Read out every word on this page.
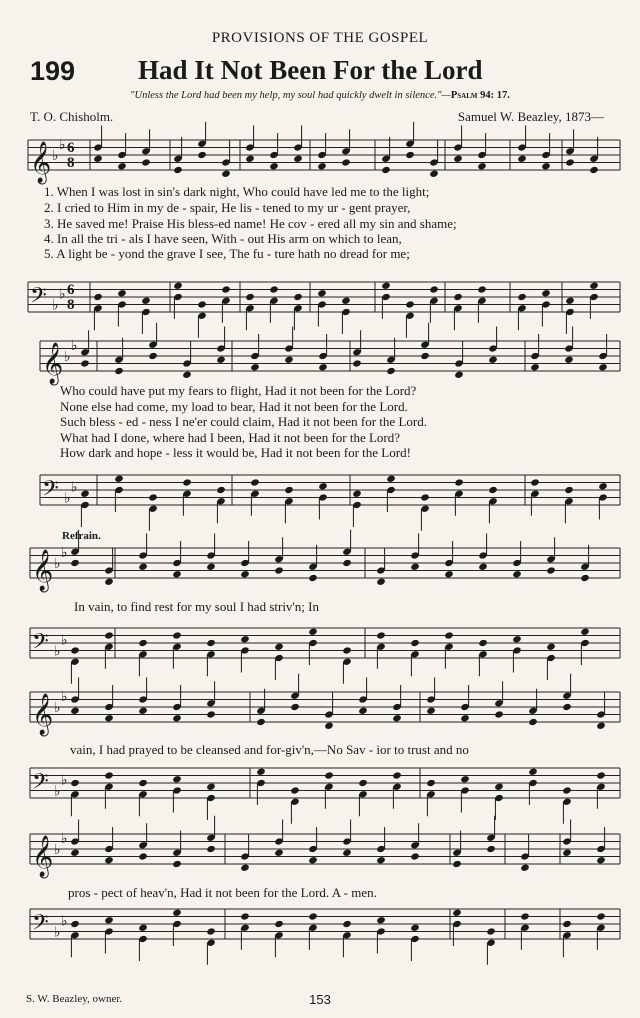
PROVISIONS OF THE GOSPEL
199 Had It Not Been For the Lord
"Unless the Lord had been my help, my soul had quickly dwelt in silence."—Psalm 94: 17.
T. O. Chisholm.	Samuel W. Beazley, 1873—
𝄞 ♭
♭
𝄢 ♭
♭
𝄞 ♭
♭
𝄢 ♭
♭
𝄞 ♭
♭
𝄢 ♭
♭
𝄞 ♭
♭
𝄢 ♭
♭
𝄞 ♭
♭
𝄢 ♭
♭
6
8
6
8
1. When I was lost in sin's dark night, Who could have led me to the light;
2. I cried to Him in my de - spair, He lis - tened to my ur - gent prayer,
3. He saved me! Praise His bless-ed name! He cov - ered all my sin and shame;
4. In all the tri - als I have seen, With - out His arm on which to lean,
5. A light be - yond the grave I see, The fu - ture hath no dread for me;
Who could have put my fears to flight, Had it not been for the Lord?
None else had come, my load to bear, Had it not been for the Lord.
Such bless - ed - ness I ne'er could claim, Had it not been for the Lord.
What had I done, where had I been, Had it not been for the Lord?
How dark and hope - less it would be, Had it not been for the Lord!
Refrain.
In vain, to find rest for my soul I had striv'n; In
vain, I had prayed to be cleansed and for-giv'n,—No Sav - ior to trust and no
pros - pect of heav'n, Had it not been for the Lord. A - men.
S. W. Beazley, owner.	153
